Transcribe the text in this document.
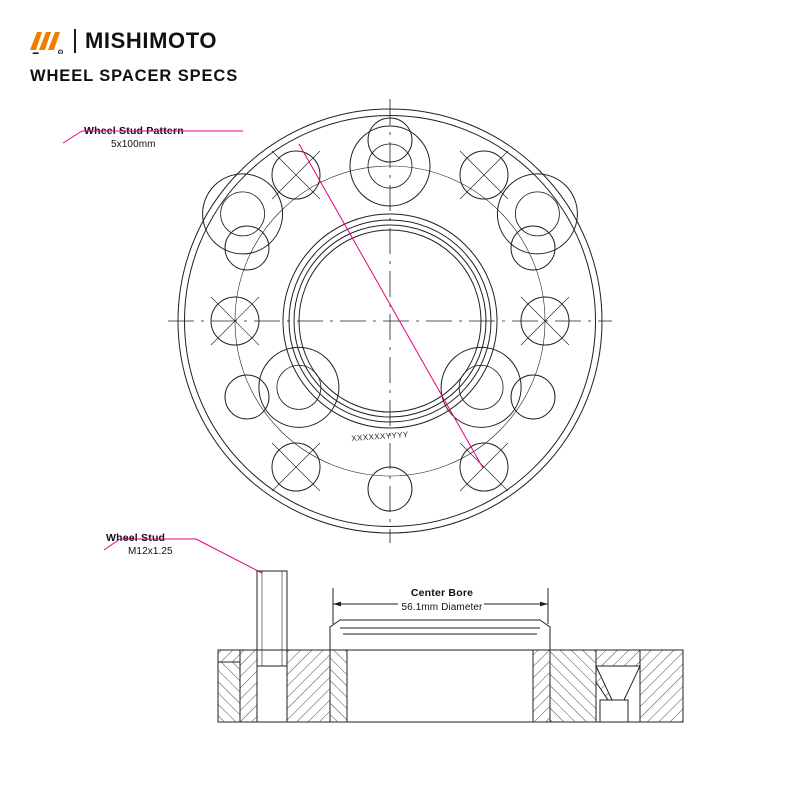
R MISHIMOTO
WHEEL SPACER SPECS
Wheel Stud Pattern
5x100mm
Wheel Stud
M12x1.25
Center Bore
56.1mm Diameter
XXXXXXYYYY
